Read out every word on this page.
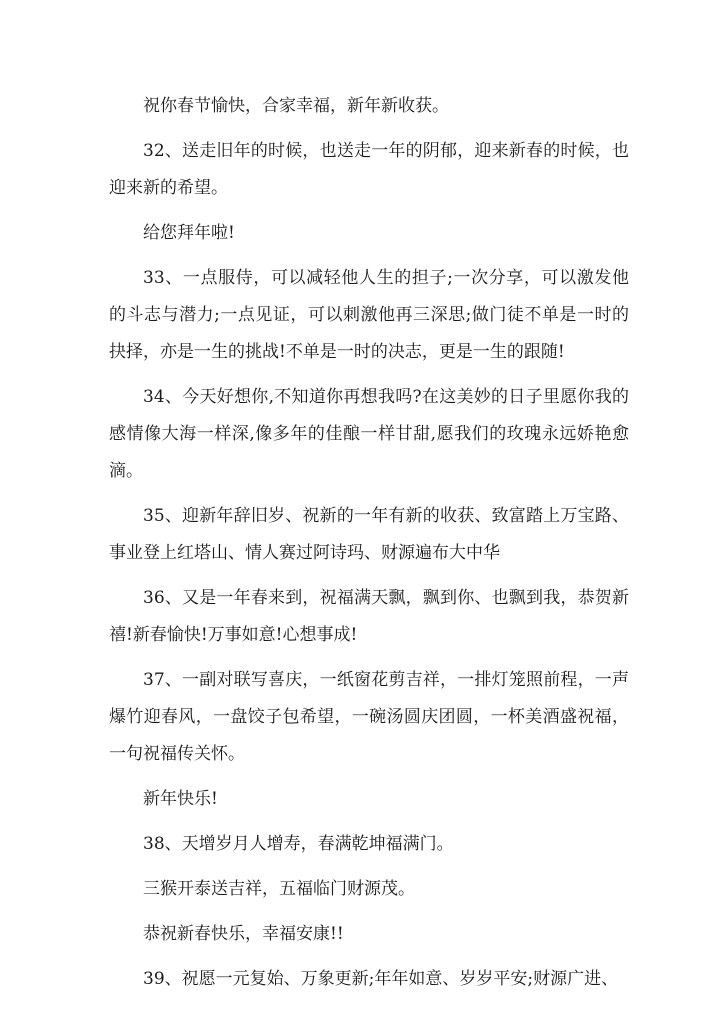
祝你春节愉快，合家幸福，新年新收获。

32、送走旧年的时候，也送走一年的阴郁，迎来新春的时候，也迎来新的希望。

给您拜年啦!

33、一点服侍，可以减轻他人生的担子;一次分享，可以激发他的斗志与潜力;一点见证，可以刺激他再三深思;做门徒不单是一时的抉择，亦是一生的挑战!不单是一时的决志，更是一生的跟随!

34、今天好想你,不知道你再想我吗?在这美妙的日子里愿你我的感情像大海一样深,像多年的佳酿一样甘甜,愿我们的玫瑰永远娇艳愈滴。

35、迎新年辞旧岁、祝新的一年有新的收获、致富踏上万宝路、事业登上红塔山、情人赛过阿诗玛、财源遍布大中华

36、又是一年春来到，祝福满天飘，飘到你、也飘到我，恭贺新禧!新春愉快!万事如意!心想事成!

37、一副对联写喜庆，一纸窗花剪吉祥，一排灯笼照前程，一声爆竹迎春风，一盘饺子包希望，一碗汤圆庆团圆，一杯美酒盛祝福，一句祝福传关怀。

新年快乐!

38、天增岁月人增寿，春满乾坤福满门。

三猴开泰送吉祥，五福临门财源茂。

恭祝新春快乐，幸福安康!!

39、祝愿一元复始、万象更新;年年如意、岁岁平安;财源广进、
